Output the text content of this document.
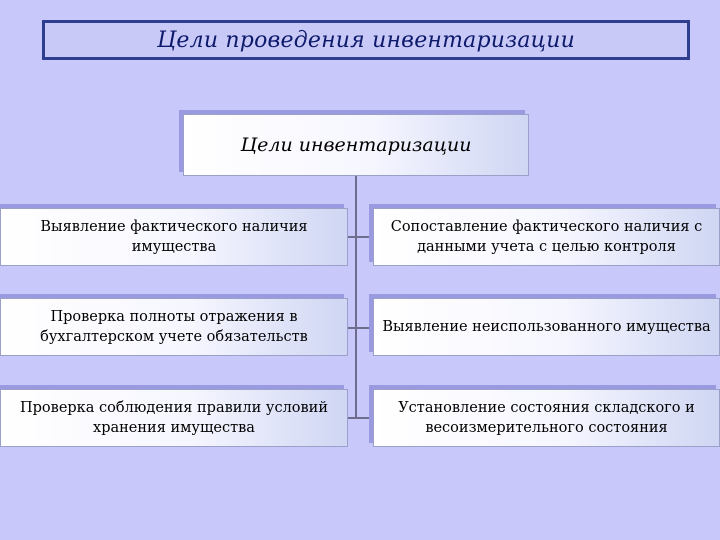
Цели проведения инвентаризации
Цели инвентаризации
Выявление фактического наличия имущества
Проверка полноты отражения в бухгалтерском учете обязательств
Проверка соблюдения правили условий хранения имущества
Сопоставление фактического наличия с данными учета с целью контроля
Выявление неиспользованного имущества
Установление состояния складского и весоизмерительного состояния
